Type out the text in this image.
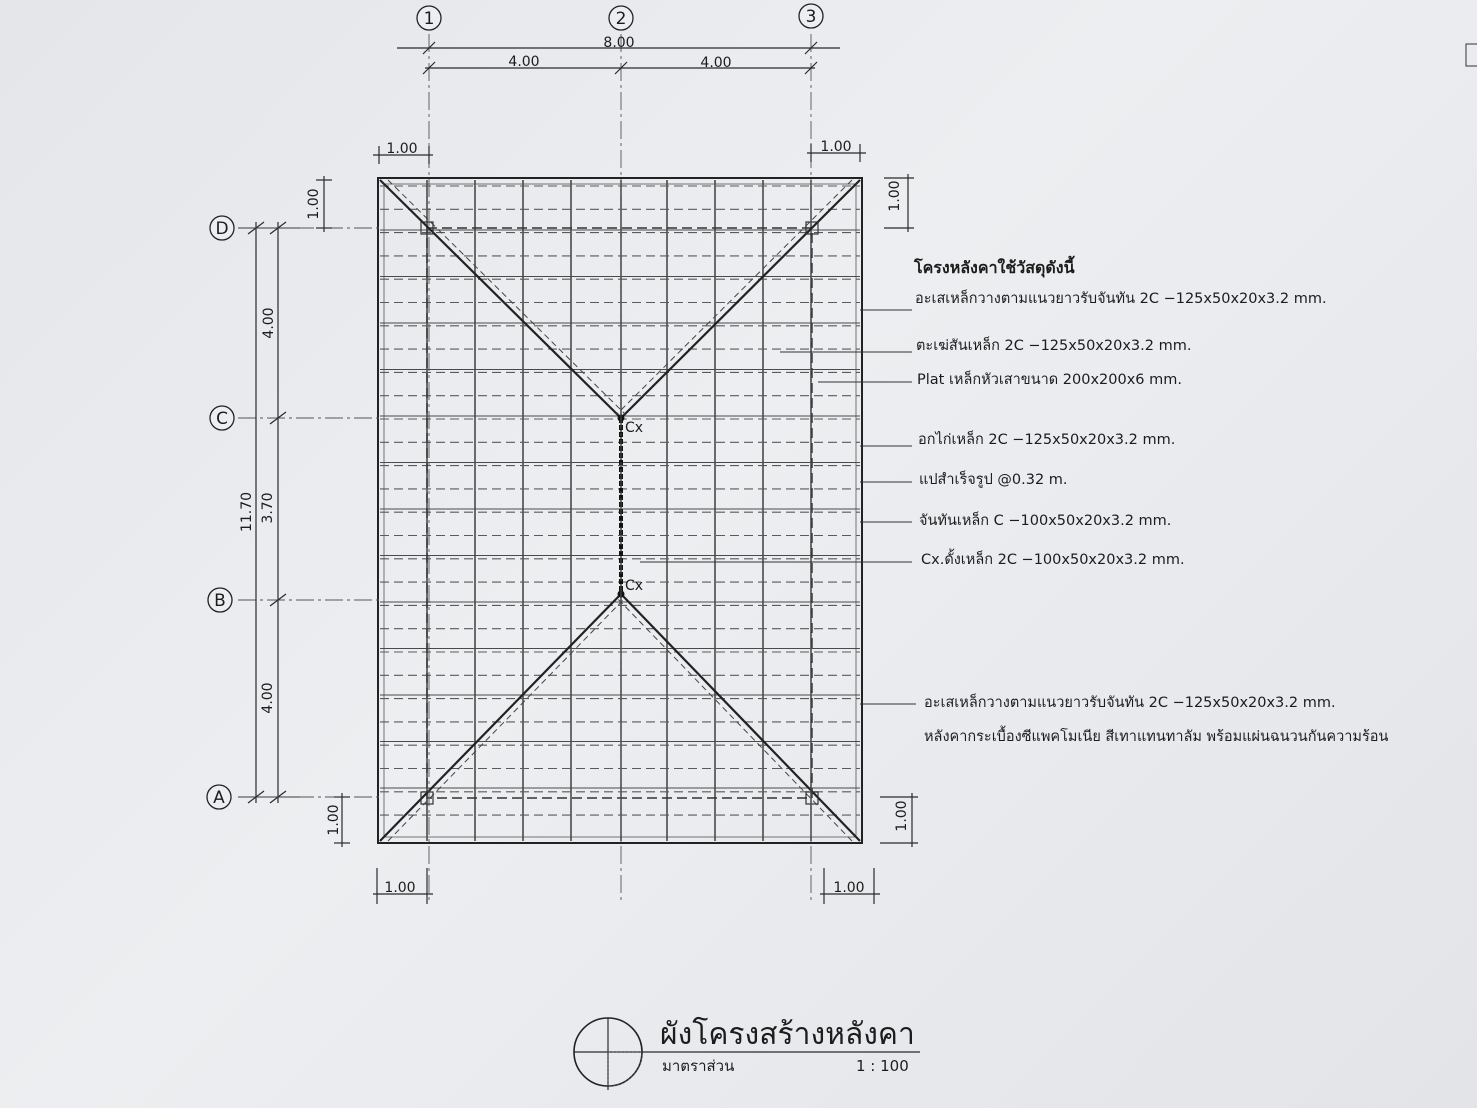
Cx
Cx
1	2	3
D
C
B
A
8.00
4.00	4.00
1.00	1.00
1.00	1.00
1.00	1.00
1.00	1.00
11.70
4.00
3.70
4.00
โครงหลังคาใช้วัสดุดังนี้
อะเสเหล็กวางตามแนวยาวรับจันทัน 2C −125x50x20x3.2 mm.
ตะเฆ่สันเหล็ก 2C −125x50x20x3.2 mm.
Plat เหล็กหัวเสาขนาด 200x200x6 mm.
อกไก่เหล็ก 2C −125x50x20x3.2 mm.
แปสำเร็จรูป @0.32 m.
จันทันเหล็ก C −100x50x20x3.2 mm.
Cx.ดั้งเหล็ก 2C −100x50x20x3.2 mm.
อะเสเหล็กวางตามแนวยาวรับจันทัน 2C −125x50x20x3.2 mm.
หลังคากระเบื้องซีแพคโมเนีย สีเทาแทนทาลัม พร้อมแผ่นฉนวนกันความร้อน
ผังโครงสร้างหลังคา
มาตราส่วน	1 : 100
